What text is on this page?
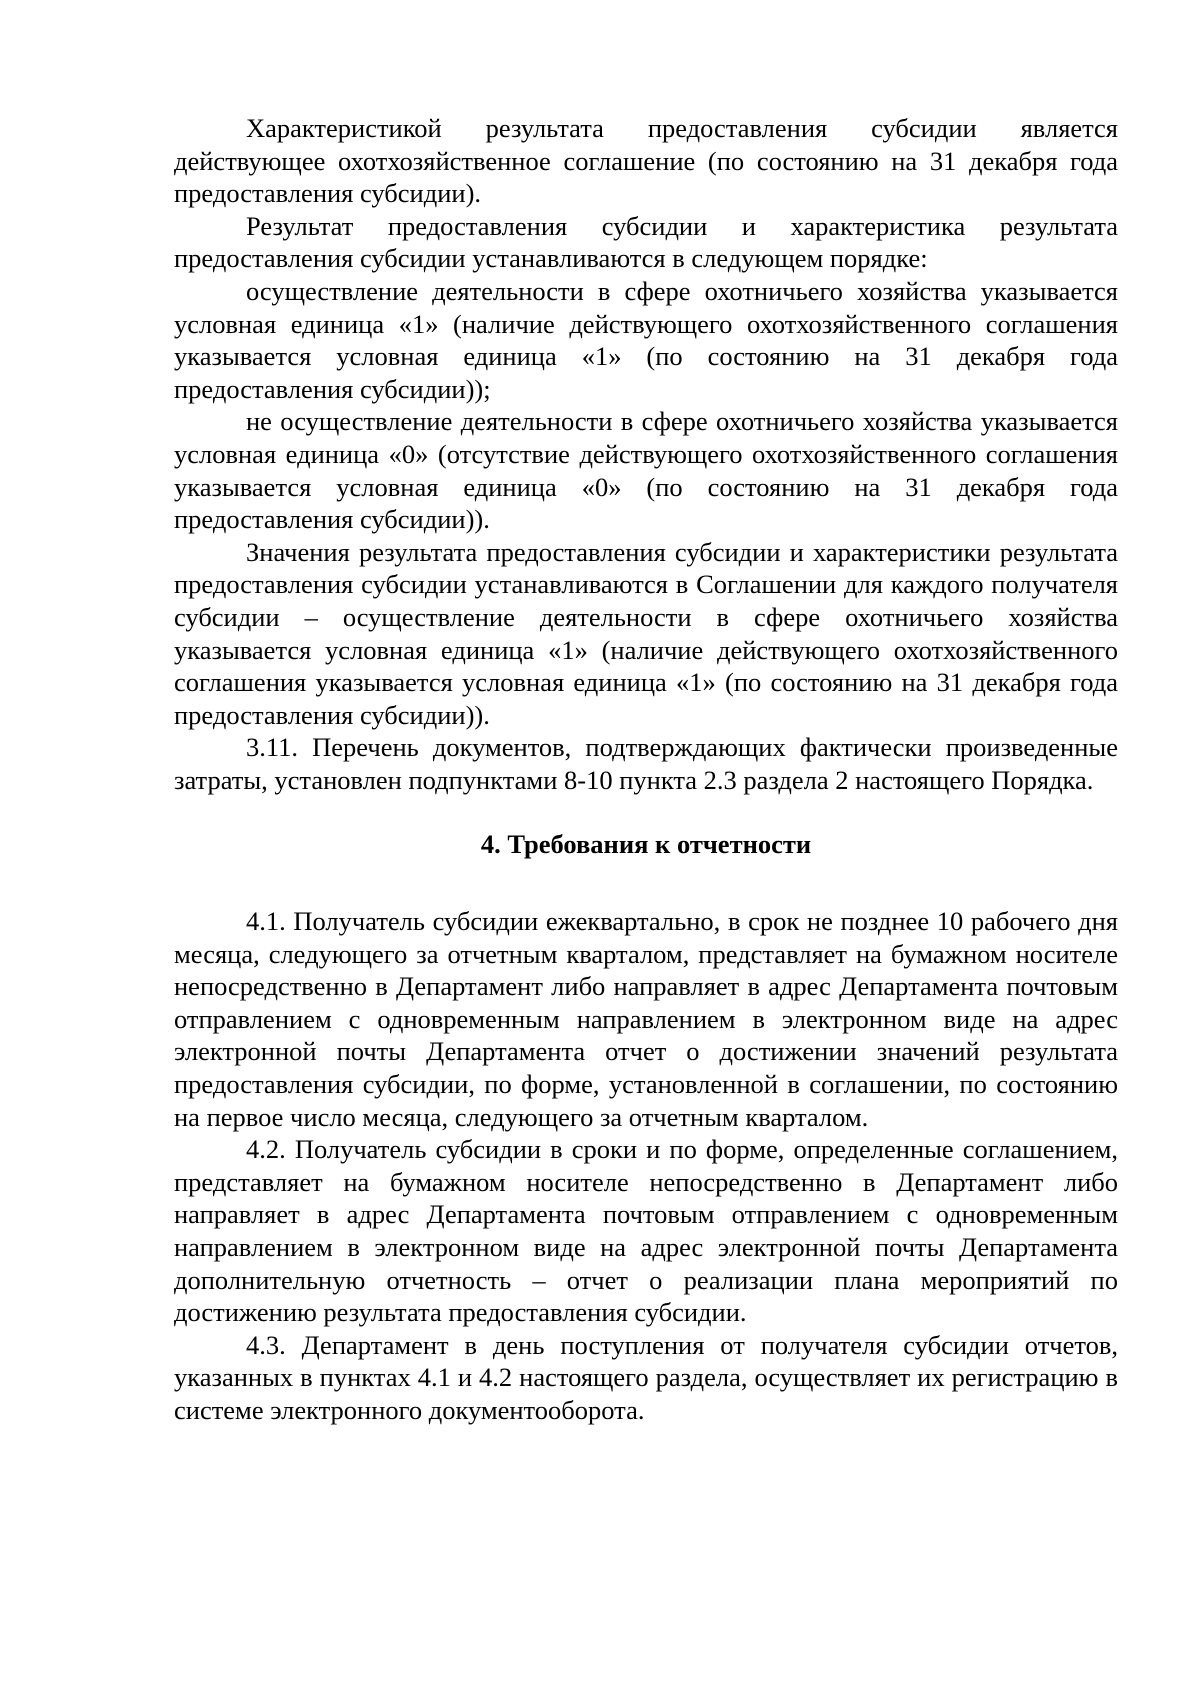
Характеристикой результата предоставления субсидии является действующее охотхозяйственное соглашение (по состоянию на 31 декабря года предоставления субсидии).

Результат предоставления субсидии и характеристика результата предоставления субсидии устанавливаются в следующем порядке:

осуществление деятельности в сфере охотничьего хозяйства указывается условная единица «1» (наличие действующего охотхозяйственного соглашения указывается условная единица «1» (по состоянию на 31 декабря года предоставления субсидии));

не осуществление деятельности в сфере охотничьего хозяйства указывается условная единица «0» (отсутствие действующего охотхозяйственного соглашения указывается условная единица «0» (по состоянию на 31 декабря года предоставления субсидии)).

Значения результата предоставления субсидии и характеристики результата предоставления субсидии устанавливаются в Соглашении для каждого получателя субсидии – осуществление деятельности в сфере охотничьего хозяйства указывается условная единица «1» (наличие действующего охотхозяйственного соглашения указывается условная единица «1» (по состоянию на 31 декабря года предоставления субсидии)).

3.11. Перечень документов, подтверждающих фактически произведенные затраты, установлен подпунктами 8-10 пункта 2.3 раздела 2 настоящего Порядка.

4. Требования к отчетности

4.1. Получатель субсидии ежеквартально, в срок не позднее 10 рабочего дня месяца, следующего за отчетным кварталом, представляет на бумажном носителе непосредственно в Департамент либо направляет в адрес Департамента почтовым отправлением с одновременным направлением в электронном виде на адрес электронной почты Департамента отчет о достижении значений результата предоставления субсидии, по форме, установленной в соглашении, по состоянию на первое число месяца, следующего за отчетным кварталом.

4.2. Получатель субсидии в сроки и по форме, определенные соглашением, представляет на бумажном носителе непосредственно в Департамент либо направляет в адрес Департамента почтовым отправлением с одновременным направлением в электронном виде на адрес электронной почты Департамента дополнительную отчетность – отчет о реализации плана мероприятий по достижению результата предоставления субсидии.

4.3. Департамент в день поступления от получателя субсидии отчетов, указанных в пунктах 4.1 и 4.2 настоящего раздела, осуществляет их регистрацию в системе электронного документооборота.
